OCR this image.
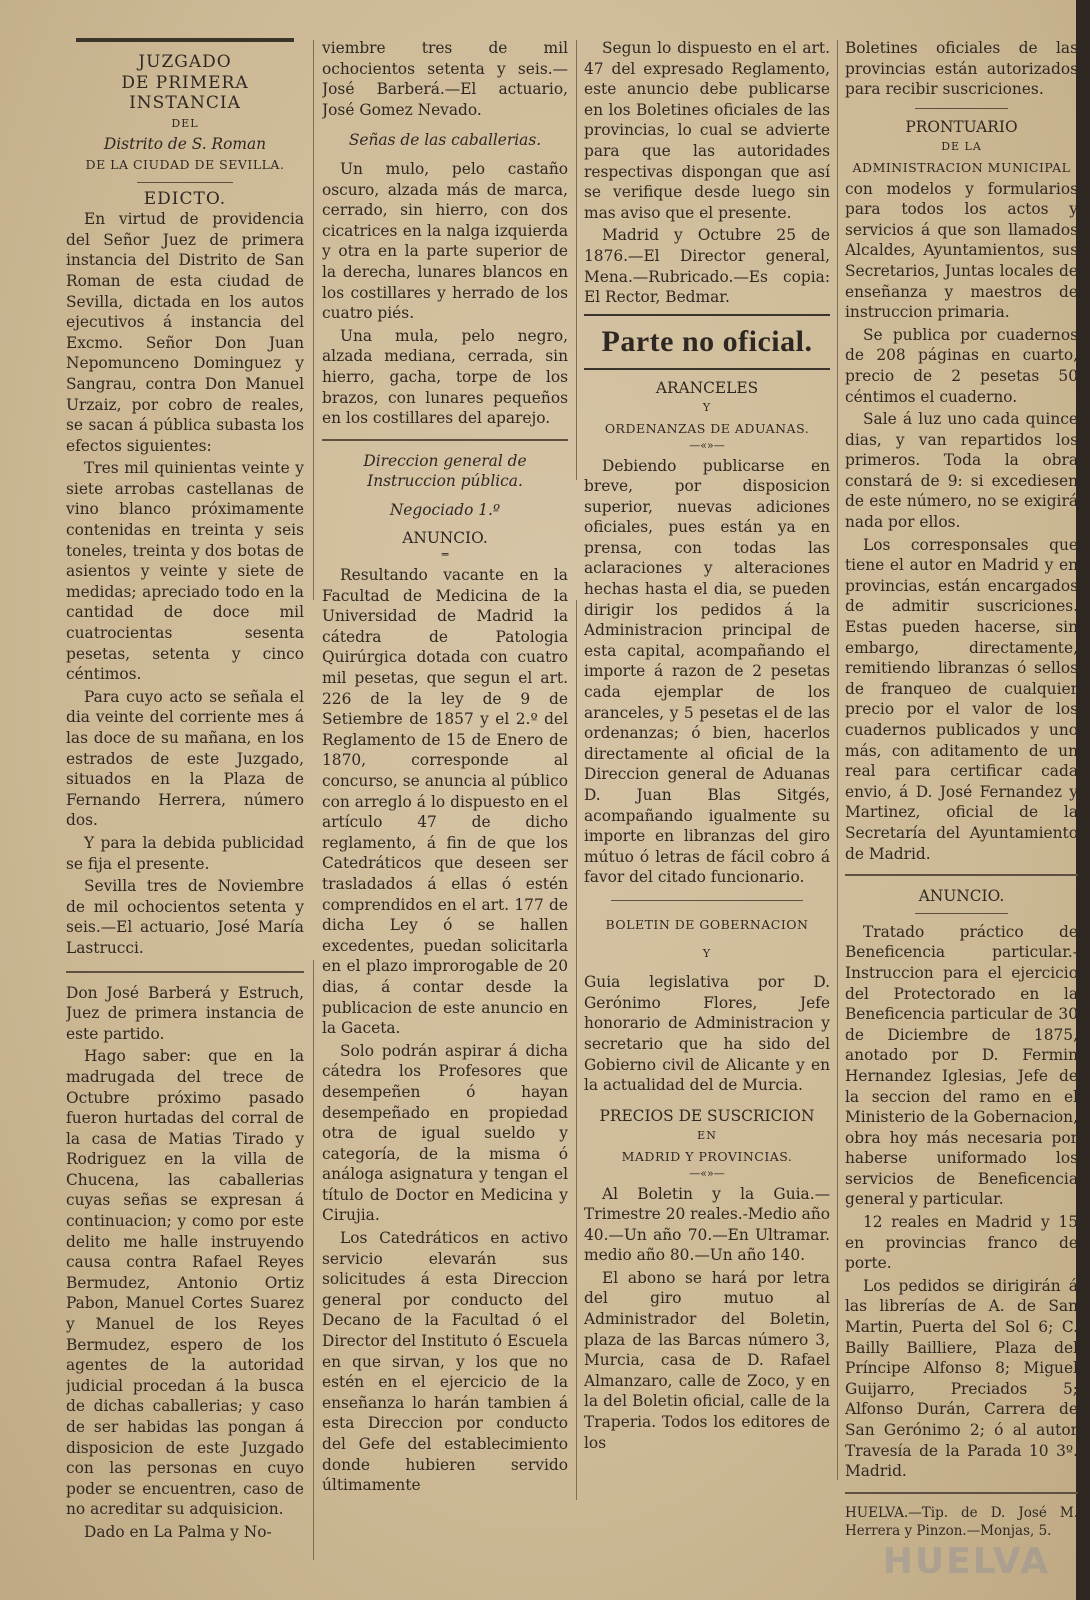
JUZGADO
DE PRIMERA INSTANCIA
DEL
Distrito de S. Roman
DE LA CIUDAD DE SEVILLA.
EDICTO.

En virtud de providencia del Señor Juez de primera instancia del Distrito de San Roman de esta ciudad de Sevilla, dictada en los autos ejecutivos á instancia del Excmo. Señor Don Juan Nepomunceno Dominguez y Sangrau, contra Don Manuel Urzaiz, por cobro de reales, se sacan á pública subasta los efectos siguientes:

Tres mil quinientas veinte y siete arrobas castellanas de vino blanco próximamente contenidas en treinta y seis toneles, treinta y dos botas de asientos y veinte y siete de medidas; apreciado todo en la cantidad de doce mil cuatrocientas sesenta pesetas, setenta y cinco céntimos.

Para cuyo acto se señala el dia veinte del corriente mes á las doce de su mañana, en los estrados de este Juzgado, situados en la Plaza de Fernando Herrera, número dos.

Y para la debida publicidad se fija el presente.

Sevilla tres de Noviembre de mil ochocientos setenta y seis.—El actuario, José María Lastrucci.

Don José Barberá y Estruch, Juez de primera instancia de este partido.

Hago saber: que en la madrugada del trece de Octubre próximo pasado fueron hurtadas del corral de la casa de Matias Tirado y Rodriguez en la villa de Chucena, las caballerias cuyas señas se expresan á continuacion; y como por este delito me halle instruyendo causa contra Rafael Reyes Bermudez, Antonio Ortiz Pabon, Manuel Cortes Suarez y Manuel de los Reyes Bermudez, espero de los agentes de la autoridad judicial procedan á la busca de dichas caballerias; y caso de ser habidas las pongan á disposicion de este Juzgado con las personas en cuyo poder se encuentren, caso de no acreditar su adquisicion.

Dado en La Palma y No-

viembre tres de mil ochocientos setenta y seis.—José Barberá.—El actuario, José Gomez Nevado.

Señas de las caballerias.

Un mulo, pelo castaño oscuro, alzada más de marca, cerrado, sin hierro, con dos cicatrices en la nalga izquierda y otra en la parte superior de la derecha, lunares blancos en los costillares y herrado de los cuatro piés.

Una mula, pelo negro, alzada mediana, cerrada, sin hierro, gacha, torpe de los brazos, con lunares pequeños en los costillares del aparejo.

Direccion general de Instruccion pública.
Negociado 1.º
ANUNCIO.
═

Resultando vacante en la Facultad de Medicina de la Universidad de Madrid la cátedra de Patologia Quirúrgica dotada con cuatro mil pesetas, que segun el art. 226 de la ley de 9 de Setiembre de 1857 y el 2.º del Reglamento de 15 de Enero de 1870, corresponde al concurso, se anuncia al público con arreglo á lo dispuesto en el artículo 47 de dicho reglamento, á fin de que los Catedráticos que deseen ser trasladados á ellas ó estén comprendidos en el art. 177 de dicha Ley ó se hallen excedentes, puedan solicitarla en el plazo improrogable de 20 dias, á contar desde la publicacion de este anuncio en la Gaceta.

Solo podrán aspirar á dicha cátedra los Profesores que desempeñen ó hayan desempeñado en propiedad otra de igual sueldo y categoría, de la misma ó análoga asignatura y tengan el título de Doctor en Medicina y Cirujia.

Los Catedráticos en activo servicio elevarán sus solicitudes á esta Direccion general por conducto del Decano de la Facultad ó el Director del Instituto ó Escuela en que sirvan, y los que no estén en el ejercicio de la enseñanza lo harán tambien á esta Direccion por conducto del Gefe del establecimiento donde hubieren servido últimamente

Segun lo dispuesto en el art. 47 del expresado Reglamento, este anuncio debe publicarse en los Boletines oficiales de las provincias, lo cual se advierte para que las autoridades respectivas dispongan que así se verifique desde luego sin mas aviso que el presente.

Madrid y Octubre 25 de 1876.—El Director general, Mena.—Rubricado.—Es copia: El Rector, Bedmar.

Parte no oficial.
ARANCELES
Y
ORDENANZAS DE ADUANAS.
—«»—

Debiendo publicarse en breve, por disposicion superior, nuevas adiciones oficiales, pues están ya en prensa, con todas las aclaraciones y alteraciones hechas hasta el dia, se pueden dirigir los pedidos á la Administracion principal de esta capital, acompañando el importe á razon de 2 pesetas cada ejemplar de los aranceles, y 5 pesetas el de las ordenanzas; ó bien, hacerlos directamente al oficial de la Direccion general de Aduanas D. Juan Blas Sitgés, acompañando igualmente su importe en libranzas del giro mútuo ó letras de fácil cobro á favor del citado funcionario.

BOLETIN DE GOBERNACION
Y

Guia legislativa por D. Gerónimo Flores, Jefe honorario de Administracion y secretario que ha sido del Gobierno civil de Alicante y en la actualidad del de Murcia.

PRECIOS DE SUSCRICION
EN
MADRID Y PROVINCIAS.
—«»—

Al Boletin y la Guia.—Trimestre 20 reales.-Medio año 40.—Un año 70.—En Ultramar. medio año 80.—Un año 140.

El abono se hará por letra del giro mutuo al Administrador del Boletin, plaza de las Barcas número 3, Murcia, casa de D. Rafael Almanzaro, calle de Zoco, y en la del Boletin oficial, calle de la Traperia. Todos los editores de los

Boletines oficiales de las provincias están autorizados para recibir suscriciones.

PRONTUARIO
DE LA
ADMINISTRACION MUNICIPAL

con modelos y formularios para todos los actos y servicios á que son llamados Alcaldes, Ayuntamientos, sus Secretarios, Juntas locales de enseñanza y maestros de instruccion primaria.

Se publica por cuadernos de 208 páginas en cuarto, precio de 2 pesetas 50 céntimos el cuaderno.

Sale á luz uno cada quince dias, y van repartidos los primeros. Toda la obra constará de 9: si excediesen de este número, no se exigirá nada por ellos.

Los corresponsales que tiene el autor en Madrid y en provincias, están encargados de admitir suscriciones. Estas pueden hacerse, sin embargo, directamente, remitiendo libranzas ó sellos de franqueo de cualquier precio por el valor de los cuadernos publicados y uno más, con aditamento de un real para certificar cada envio, á D. José Fernandez y Martinez, oficial de la Secretaría del Ayuntamiento de Madrid.

ANUNCIO.

Tratado práctico de Beneficencia particular.-Instruccion para el ejercicio del Protectorado en la Beneficencia particular de 30 de Diciembre de 1875, anotado por D. Fermin Hernandez Iglesias, Jefe de la seccion del ramo en el Ministerio de la Gobernacion, obra hoy más necesaria por haberse uniformado los servicios de Beneficencia general y particular.

12 reales en Madrid y 15 en provincias franco de porte.

Los pedidos se dirigirán á las librerías de A. de San Martin, Puerta del Sol 6; C. Bailly Bailliere, Plaza del Príncipe Alfonso 8; Miguel Guijarro, Preciados 5; Alfonso Durán, Carrera de San Gerónimo 2; ó al autor Travesía de la Parada 10 3º. Madrid.

HUELVA.—Tip. de D. José M. Herrera y Pinzon.—Monjas, 5.

HUELVA
